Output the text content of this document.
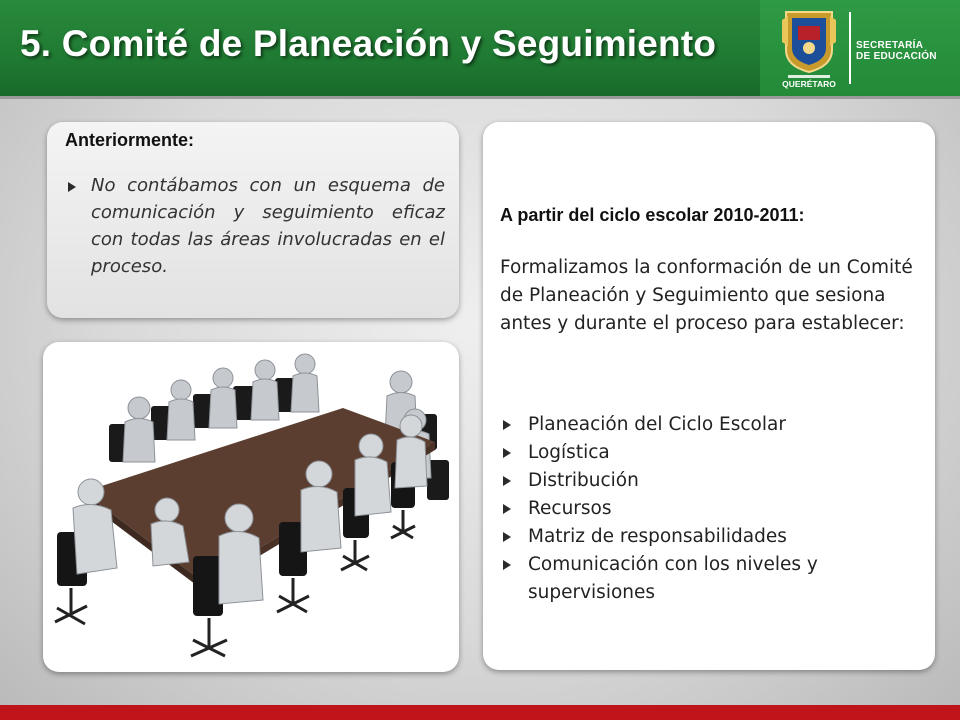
5. Comité de Planeación y Seguimiento
QUERÉTARO
SECRETARÍA
DE EDUCACIÓN
Anteriormente:
No contábamos con un esquema de comunicación y seguimiento eficaz con todas las áreas involucradas en el proceso.
A partir del ciclo escolar 2010-2011:
Formalizamos la conformación de un Comité de Planeación y Seguimiento que sesiona antes y durante el proceso para establecer:
Planeación del Ciclo Escolar
Logística
Distribución
Recursos
Matriz de responsabilidades
Comunicación con los niveles y supervisiones
